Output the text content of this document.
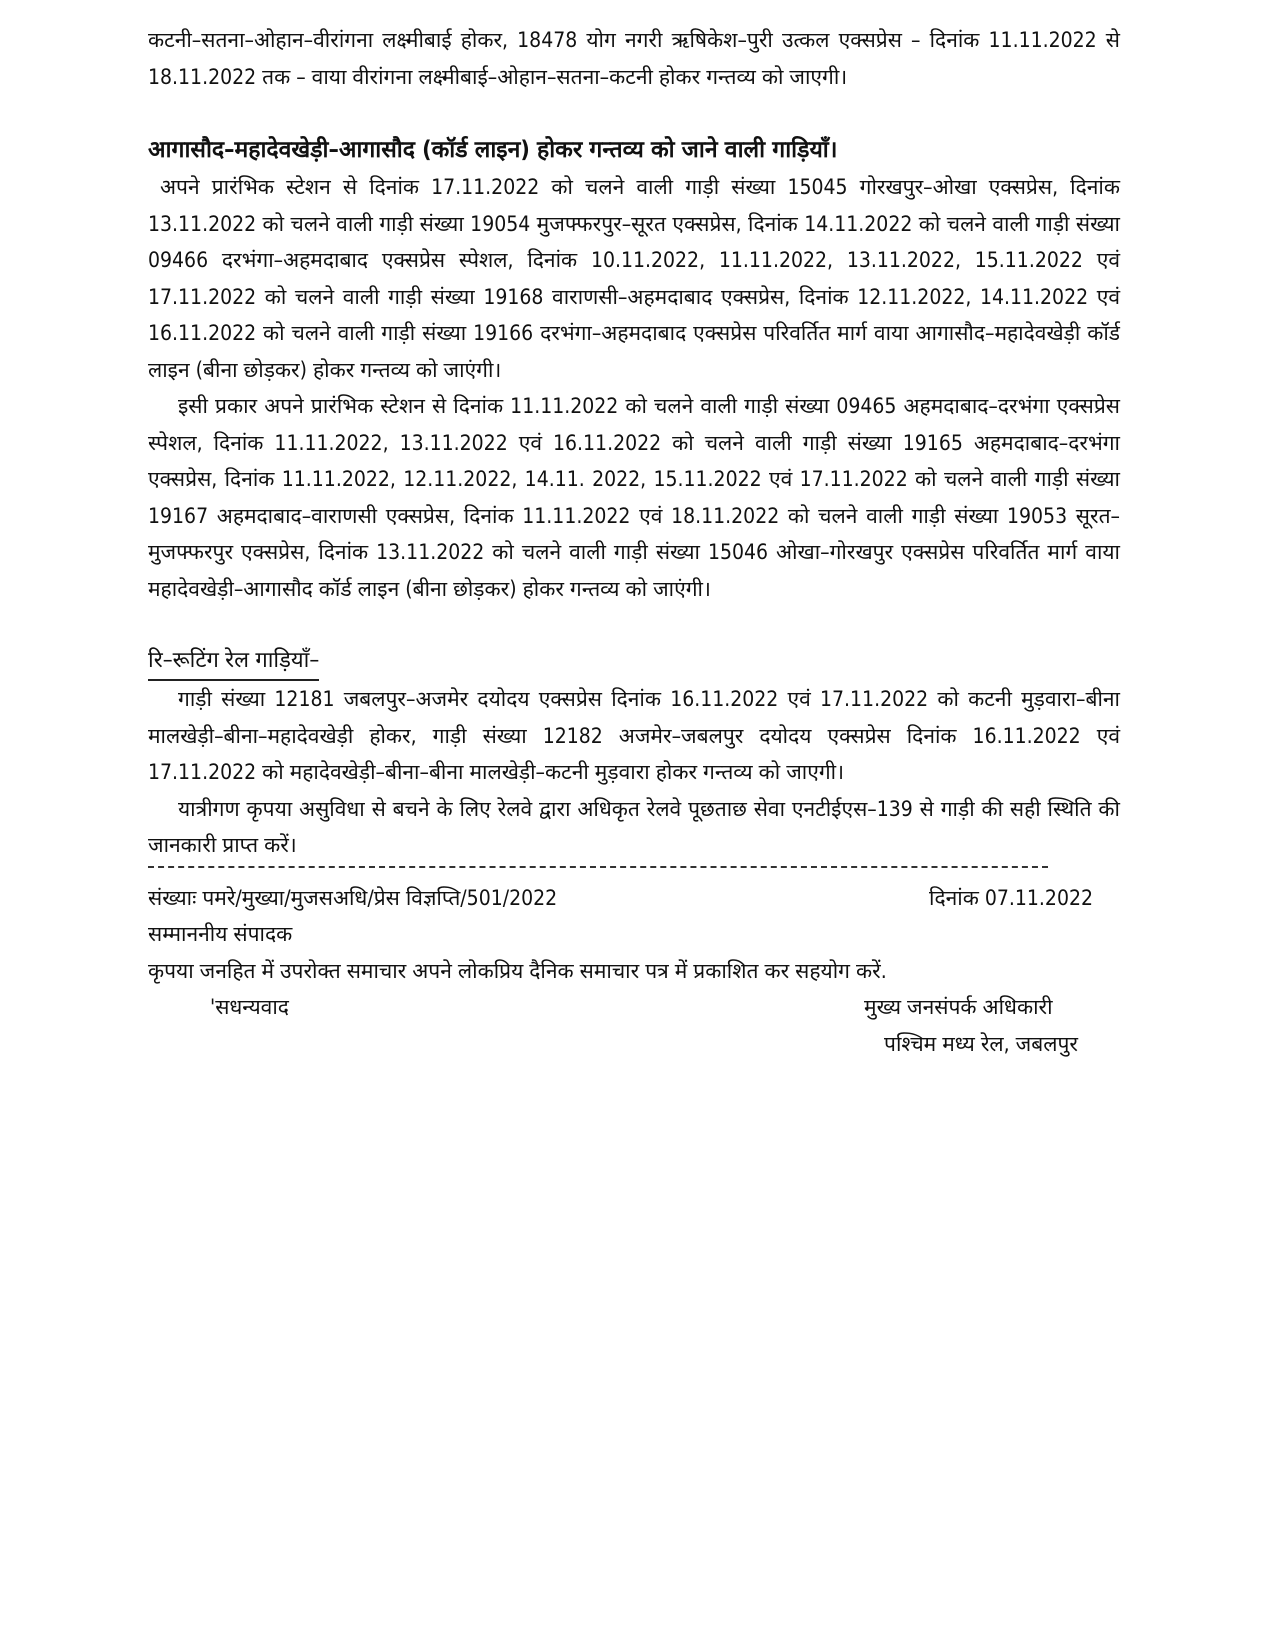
कटनी–सतना–ओहान–वीरांगना लक्ष्मीबाई होकर, 18478 योग नगरी ऋषिकेश–पुरी उत्कल एक्सप्रेस – दिनांक 11.11.2022 से 18.11.2022 तक – वाया वीरांगना लक्ष्मीबाई–ओहान–सतना–कटनी होकर गन्तव्य को जाएगी।

आगासौद–महादेवखेड़ी–आगासौद (कॉर्ड लाइन) होकर गन्तव्य को जाने वाली गाड़ियाँ।

अपने प्रारंभिक स्टेशन से दिनांक 17.11.2022 को चलने वाली गाड़ी संख्या 15045 गोरखपुर–ओखा एक्सप्रेस, दिनांक 13.11.2022 को चलने वाली गाड़ी संख्या 19054 मुजफ्फरपुर–सूरत एक्सप्रेस, दिनांक 14.11.2022 को चलने वाली गाड़ी संख्या 09466 दरभंगा–अहमदाबाद एक्सप्रेस स्पेशल, दिनांक 10.11.2022, 11.11.2022, 13.11.2022, 15.11.2022 एवं 17.11.2022 को चलने वाली गाड़ी संख्या 19168 वाराणसी–अहमदाबाद एक्सप्रेस, दिनांक 12.11.2022, 14.11.2022 एवं 16.11.2022 को चलने वाली गाड़ी संख्या 19166 दरभंगा–अहमदाबाद एक्सप्रेस परिवर्तित मार्ग वाया आगासौद–महादेवखेड़ी कॉर्ड लाइन (बीना छोड़कर) होकर गन्तव्य को जाएंगी।

इसी प्रकार अपने प्रारंभिक स्टेशन से दिनांक 11.11.2022 को चलने वाली गाड़ी संख्या 09465 अहमदाबाद–दरभंगा एक्सप्रेस स्पेशल, दिनांक 11.11.2022, 13.11.2022 एवं 16.11.2022 को चलने वाली गाड़ी संख्या 19165 अहमदाबाद–दरभंगा एक्सप्रेस, दिनांक 11.11.2022, 12.11.2022, 14.11. 2022, 15.11.2022 एवं 17.11.2022 को चलने वाली गाड़ी संख्या 19167 अहमदाबाद–वाराणसी एक्सप्रेस, दिनांक 11.11.2022 एवं 18.11.2022 को चलने वाली गाड़ी संख्या 19053 सूरत–मुजफ्फरपुर एक्सप्रेस, दिनांक 13.11.2022 को चलने वाली गाड़ी संख्या 15046 ओखा–गोरखपुर एक्सप्रेस परिवर्तित मार्ग वाया महादेवखेड़ी–आगासौद कॉर्ड लाइन (बीना छोड़कर) होकर गन्तव्य को जाएंगी।

रि–रूटिंग रेल गाड़ियाँ–

गाड़ी संख्या 12181 जबलपुर–अजमेर दयोदय एक्सप्रेस दिनांक 16.11.2022 एवं 17.11.2022 को कटनी मुड़वारा–बीना मालखेड़ी–बीना–महादेवखेड़ी होकर, गाड़ी संख्या 12182 अजमेर–जबलपुर दयोदय एक्सप्रेस दिनांक 16.11.2022 एवं 17.11.2022 को महादेवखेड़ी–बीना–बीना मालखेड़ी–कटनी मुड़वारा होकर गन्तव्य को जाएगी।

यात्रीगण कृपया असुविधा से बचने के लिए रेलवे द्वारा अधिकृत रेलवे पूछताछ सेवा एनटीईएस–139 से गाड़ी की सही स्थिति की जानकारी प्राप्त करें।

संख्याः पमरे/मुख्या/मुजसअधि/प्रेस विज्ञप्ति/501/2022	दिनांक 07.11.2022

सम्माननीय संपादक

कृपया जनहित में उपरोक्त समाचार अपने लोकप्रिय दैनिक समाचार पत्र में प्रकाशित कर सहयोग करें.

'सधन्यवाद	मुख्य जनसंपर्क अधिकारी
पश्चिम मध्य रेल, जबलपुर
